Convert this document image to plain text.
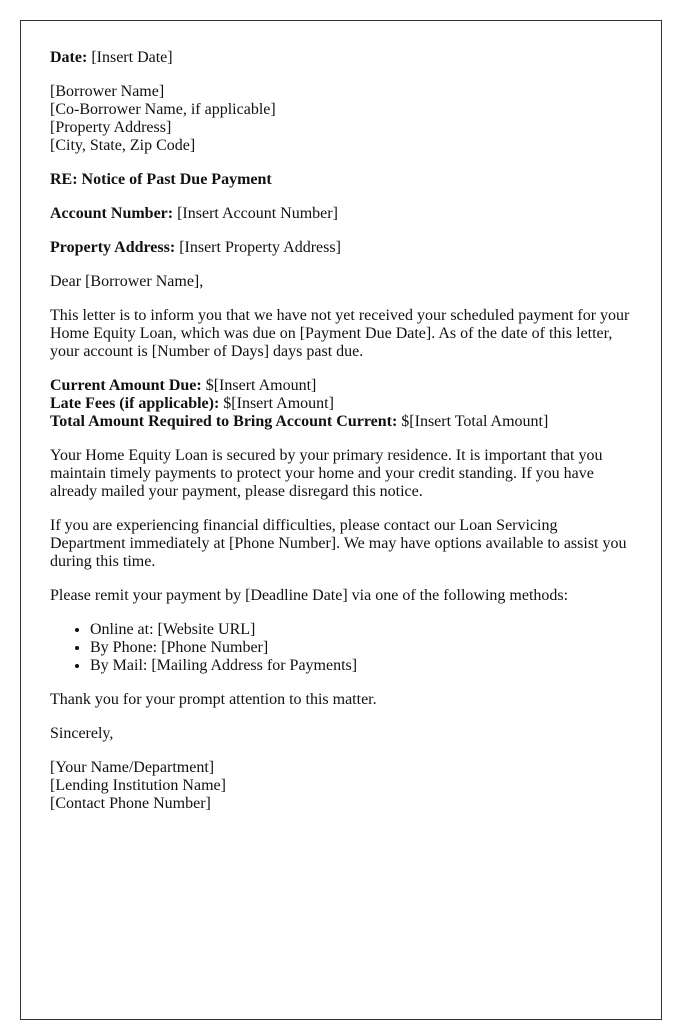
Date: [Insert Date]

[Borrower Name]

[Co-Borrower Name, if applicable]

[Property Address]

[City, State, Zip Code]

RE: Notice of Past Due Payment

Account Number: [Insert Account Number]

Property Address: [Insert Property Address]

Dear [Borrower Name],

This letter is to inform you that we have not yet received your scheduled payment for your Home Equity Loan, which was due on [Payment Due Date]. As of the date of this letter, your account is [Number of Days] days past due.

Current Amount Due: $[Insert Amount]

Late Fees (if applicable): $[Insert Amount]

Total Amount Required to Bring Account Current: $[Insert Total Amount]

Your Home Equity Loan is secured by your primary residence. It is important that you maintain timely payments to protect your home and your credit standing. If you have already mailed your payment, please disregard this notice.

If you are experiencing financial difficulties, please contact our Loan Servicing Department immediately at [Phone Number]. We may have options available to assist you during this time.

Please remit your payment by [Deadline Date] via one of the following methods:

• Online at: [Website URL]
• By Phone: [Phone Number]
• By Mail: [Mailing Address for Payments]

Thank you for your prompt attention to this matter.

Sincerely,

[Your Name/Department]

[Lending Institution Name]

[Contact Phone Number]
